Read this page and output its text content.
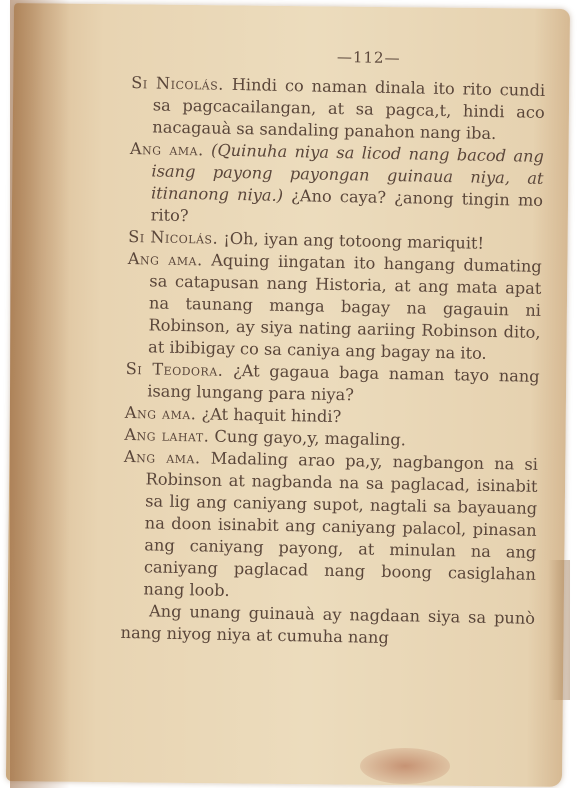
—112—

Si Nicolás. Hindi co naman dinala ito rito cundi sa pagcacailangan, at sa pagca,t, hindi aco nacagauà sa sandaling panahon nang iba.

Ang ama. (Quinuha niya sa licod nang bacod ang isang payong payongan guinaua niya, at itinanong niya.) ¿Ano caya? ¿anong tingin mo rito?

Si Nicolás. ¡Oh, iyan ang totoong mariquit!

Ang ama. Aquing iingatan ito hangang dumating sa catapusan nang Historia, at ang mata apat na taunang manga bagay na gagauin ni Robinson, ay siya nating aariing Robinson dito, at ibibigay co sa caniya ang bagay na ito.

Si Teodora. ¿At gagaua baga naman tayo nang isang lungang para niya?

Ang ama. ¿At haquit hindi?

Ang lahat. Cung gayo,y, magaling.

Ang ama. Madaling arao pa,y, nagbangon na si Robinson at nagbanda na sa paglacad, isinabit sa lig ang caniyang supot, nagtali sa bayauang na doon isinabit ang caniyang palacol, pinasan ang caniyang payong, at minulan na ang caniyang paglacad nang boong casiglahan nang loob.

Ang unang guinauà ay nagdaan siya sa punò nang niyog niya at cumuha nang
